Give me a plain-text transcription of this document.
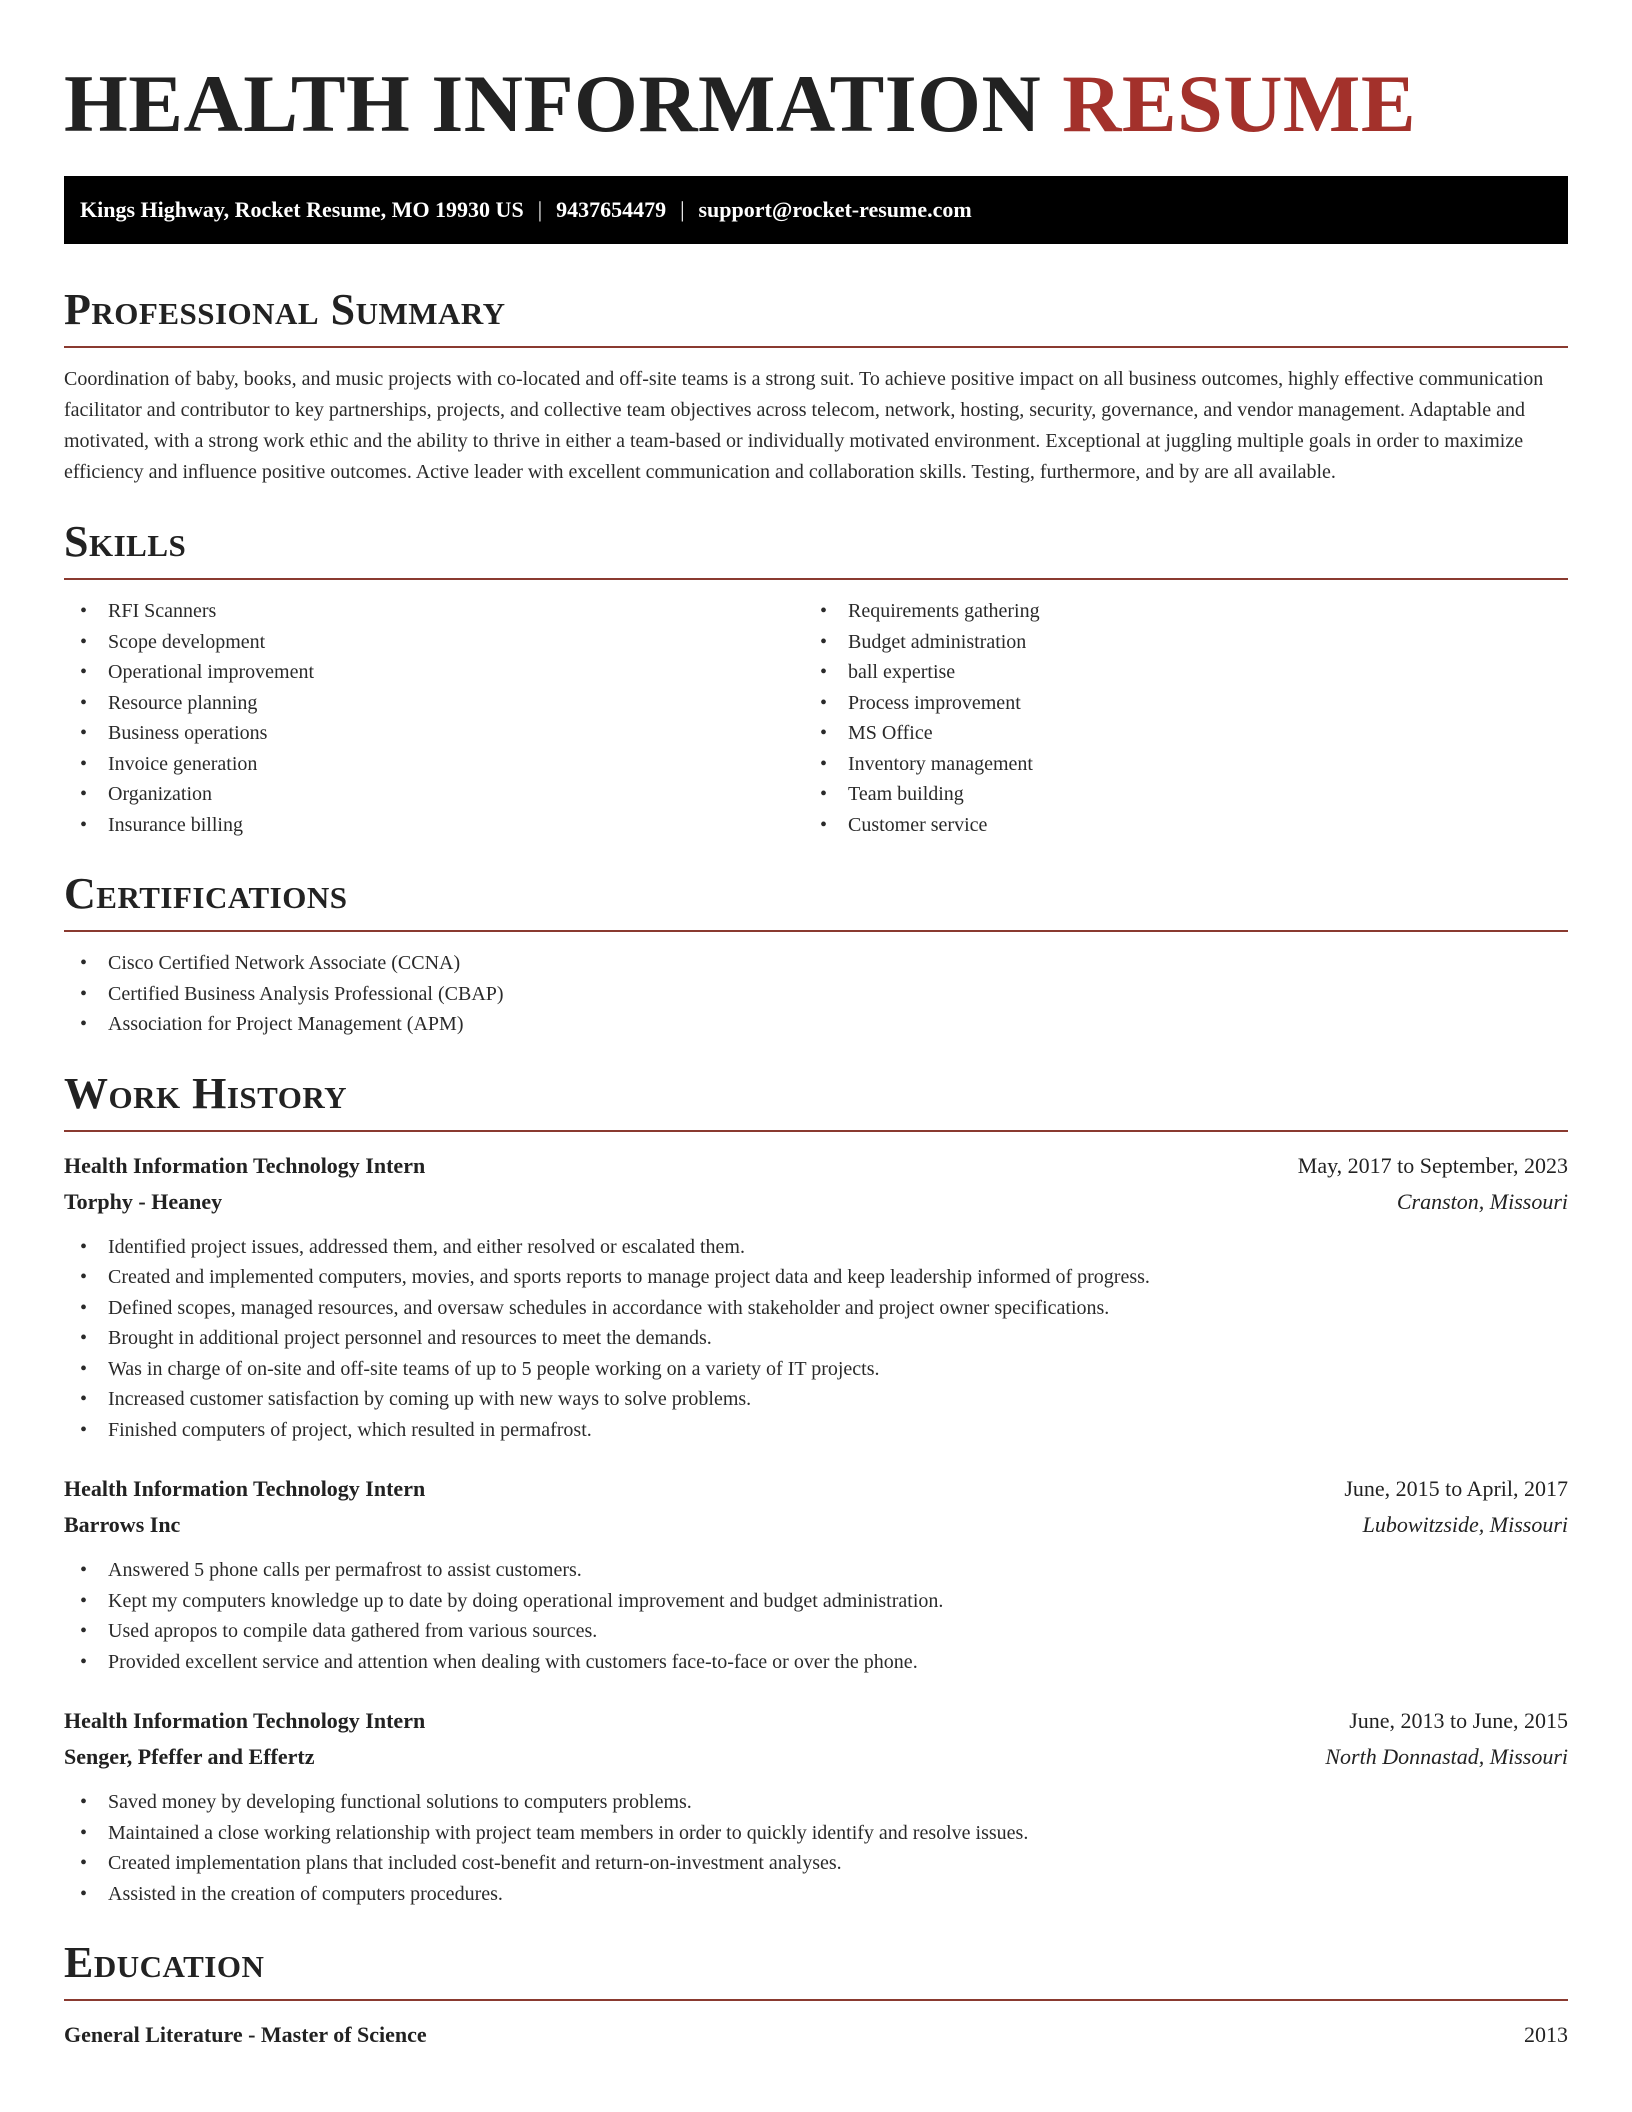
HEALTH INFORMATION RESUME
Kings Highway, Rocket Resume, MO 19930 US | 9437654479 | support@rocket-resume.com
Professional Summary

Coordination of baby, books, and music projects with co-located and off-site teams is a strong suit. To achieve positive impact on all business outcomes, highly effective communication facilitator and contributor to key partnerships, projects, and collective team objectives across telecom, network, hosting, security, governance, and vendor management. Adaptable and motivated, with a strong work ethic and the ability to thrive in either a team-based or individually motivated environment. Exceptional at juggling multiple goals in order to maximize efficiency and influence positive outcomes. Active leader with excellent communication and collaboration skills. Testing, furthermore, and by are all available.

Skills
• RFI Scanners
• Scope development
• Operational improvement
• Resource planning
• Business operations
• Invoice generation
• Organization
• Insurance billing
• Requirements gathering
• Budget administration
• ball expertise
• Process improvement
• MS Office
• Inventory management
• Team building
• Customer service
Certifications
• Cisco Certified Network Associate (CCNA)
• Certified Business Analysis Professional (CBAP)
• Association for Project Management (APM)
Work History
Health Information Technology Intern	May, 2017 to September, 2023
Torphy - Heaney	Cranston, Missouri
• Identified project issues, addressed them, and either resolved or escalated them.
• Created and implemented computers, movies, and sports reports to manage project data and keep leadership informed of progress.
• Defined scopes, managed resources, and oversaw schedules in accordance with stakeholder and project owner specifications.
• Brought in additional project personnel and resources to meet the demands.
• Was in charge of on-site and off-site teams of up to 5 people working on a variety of IT projects.
• Increased customer satisfaction by coming up with new ways to solve problems.
• Finished computers of project, which resulted in permafrost.
Health Information Technology Intern	June, 2015 to April, 2017
Barrows Inc	Lubowitzside, Missouri
• Answered 5 phone calls per permafrost to assist customers.
• Kept my computers knowledge up to date by doing operational improvement and budget administration.
• Used apropos to compile data gathered from various sources.
• Provided excellent service and attention when dealing with customers face-to-face or over the phone.
Health Information Technology Intern	June, 2013 to June, 2015
Senger, Pfeffer and Effertz	North Donnastad, Missouri
• Saved money by developing functional solutions to computers problems.
• Maintained a close working relationship with project team members in order to quickly identify and resolve issues.
• Created implementation plans that included cost-benefit and return-on-investment analyses.
• Assisted in the creation of computers procedures.
Education
General Literature - Master of Science	2013
